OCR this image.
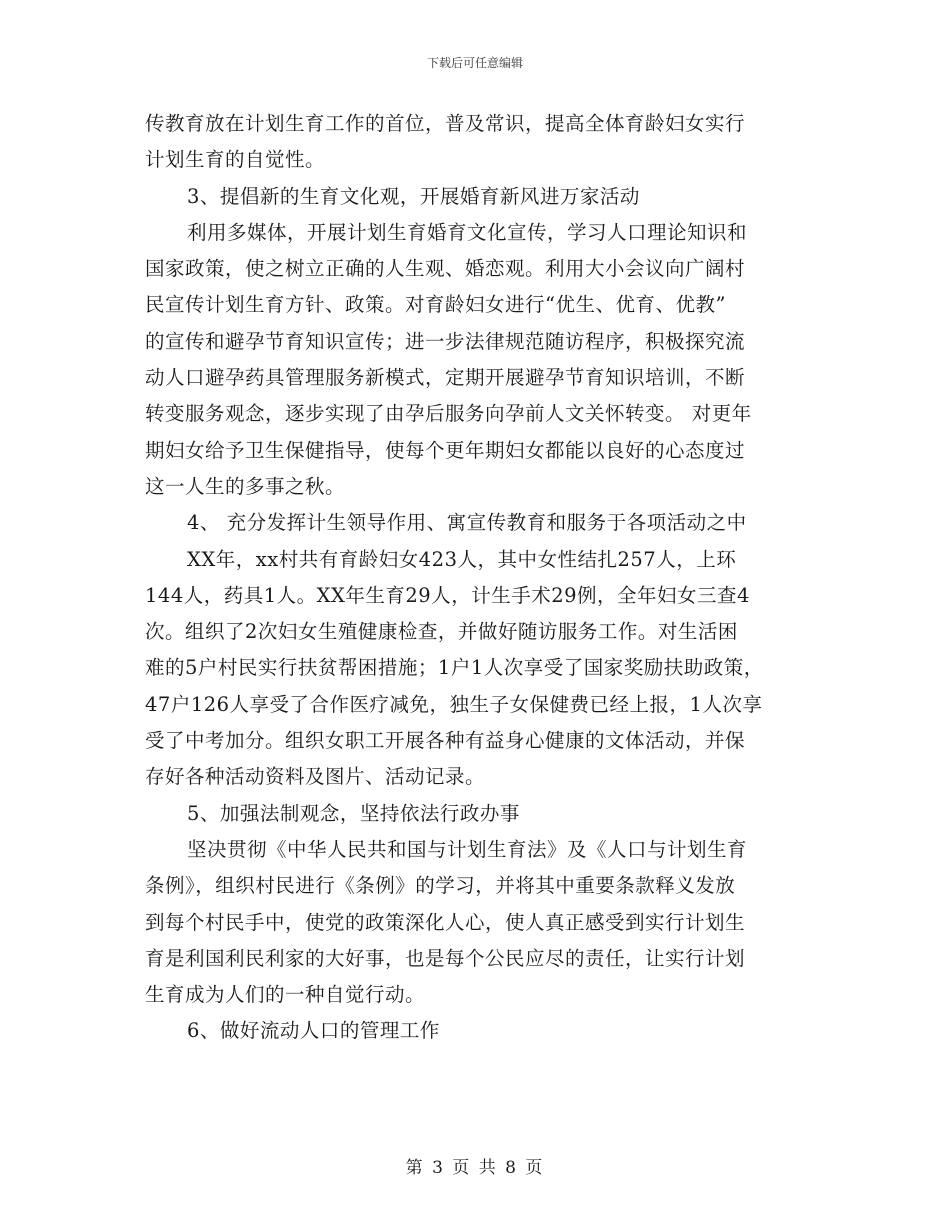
下载后可任意编辑
传教育放在计划生育工作的首位，普及常识，提高全体育龄妇女实行
计划生育的自觉性。
3、提倡新的生育文化观，开展婚育新风进万家活动
利用多媒体，开展计划生育婚育文化宣传，学习人口理论知识和
国家政策，使之树立正确的人生观、婚恋观。利用大小会议向广阔村
民宣传计划生育方针、政策。对育龄妇女进行“优生、优育、优教”
的宣传和避孕节育知识宣传；进一步法律规范随访程序，积极探究流
动人口避孕药具管理服务新模式，定期开展避孕节育知识培训，不断
转变服务观念，逐步实现了由孕后服务向孕前人文关怀转变。 对更年
期妇女给予卫生保健指导，使每个更年期妇女都能以良好的心态度过
这一人生的多事之秋。
4、 充分发挥计生领导作用、寓宣传教育和服务于各项活动之中
XX年，xx村共有育龄妇女423人，其中女性结扎257人，上环
144人，药具1人。XX年生育29人，计生手术29例，全年妇女三查4
次。组织了2次妇女生殖健康检查，并做好随访服务工作。对生活困
难的5户村民实行扶贫帮困措施；1户1人次享受了国家奖励扶助政策，
47户126人享受了合作医疗减免，独生子女保健费已经上报，1人次享
受了中考加分。组织女职工开展各种有益身心健康的文体活动，并保
存好各种活动资料及图片、活动记录。
5、加强法制观念，坚持依法行政办事
坚决贯彻《中华人民共和国与计划生育法》及《人口与计划生育
条例》，组织村民进行《条例》的学习，并将其中重要条款释义发放
到每个村民手中，使党的政策深化人心，使人真正感受到实行计划生
育是利国利民利家的大好事，也是每个公民应尽的责任，让实行计划
生育成为人们的一种自觉行动。
6、做好流动人口的管理工作
第 3 页 共 8 页
